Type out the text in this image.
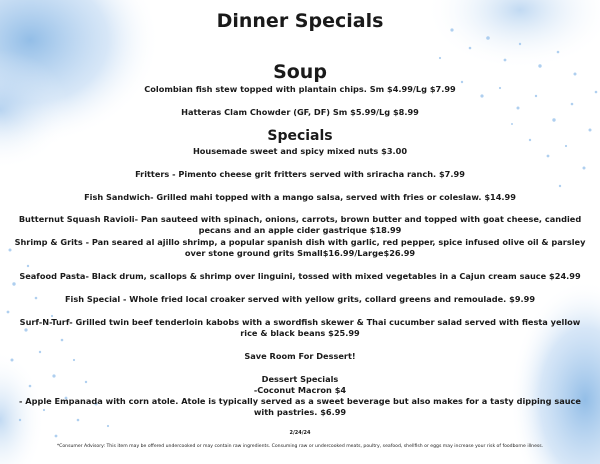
Dinner Specials
Soup
Colombian fish stew topped with plantain chips. Sm $4.99/Lg $7.99
Hatteras Clam Chowder (GF, DF) Sm $5.99/Lg $8.99
Specials
Housemade sweet and spicy mixed nuts $3.00
Fritters - Pimento cheese grit fritters served with sriracha ranch. $7.99
Fish Sandwich- Grilled mahi topped with a mango salsa, served with fries or coleslaw. $14.99
Butternut Squash Ravioli- Pan sauteed with spinach, onions, carrots, brown butter and topped with goat cheese, candied pecans and an apple cider gastrique $18.99
Shrimp & Grits - Pan seared al ajillo shrimp, a popular spanish dish with garlic, red pepper, spice infused olive oil & parsley over stone ground grits Small$16.99/Large$26.99
Seafood Pasta- Black drum, scallops & shrimp over linguini, tossed with mixed vegetables in a Cajun cream sauce $24.99
Fish Special - Whole fried local croaker served with yellow grits, collard greens and remoulade. $9.99
Surf-N-Turf- Grilled twin beef tenderloin kabobs with a swordfish skewer & Thai cucumber salad served with fiesta yellow rice & black beans $25.99
Save Room For Dessert!
Dessert Specials
-Coconut Macron $4
- Apple Empanada with corn atole. Atole is typically served as a sweet beverage but also makes for a tasty dipping sauce with pastries. $6.99
2/24/24
*Consumer Advisory: This item may be offered undercooked or may contain raw ingredients. Consuming raw or undercooked meats, poultry, seafood, shellfish or eggs may increase your risk of foodborne illness.
